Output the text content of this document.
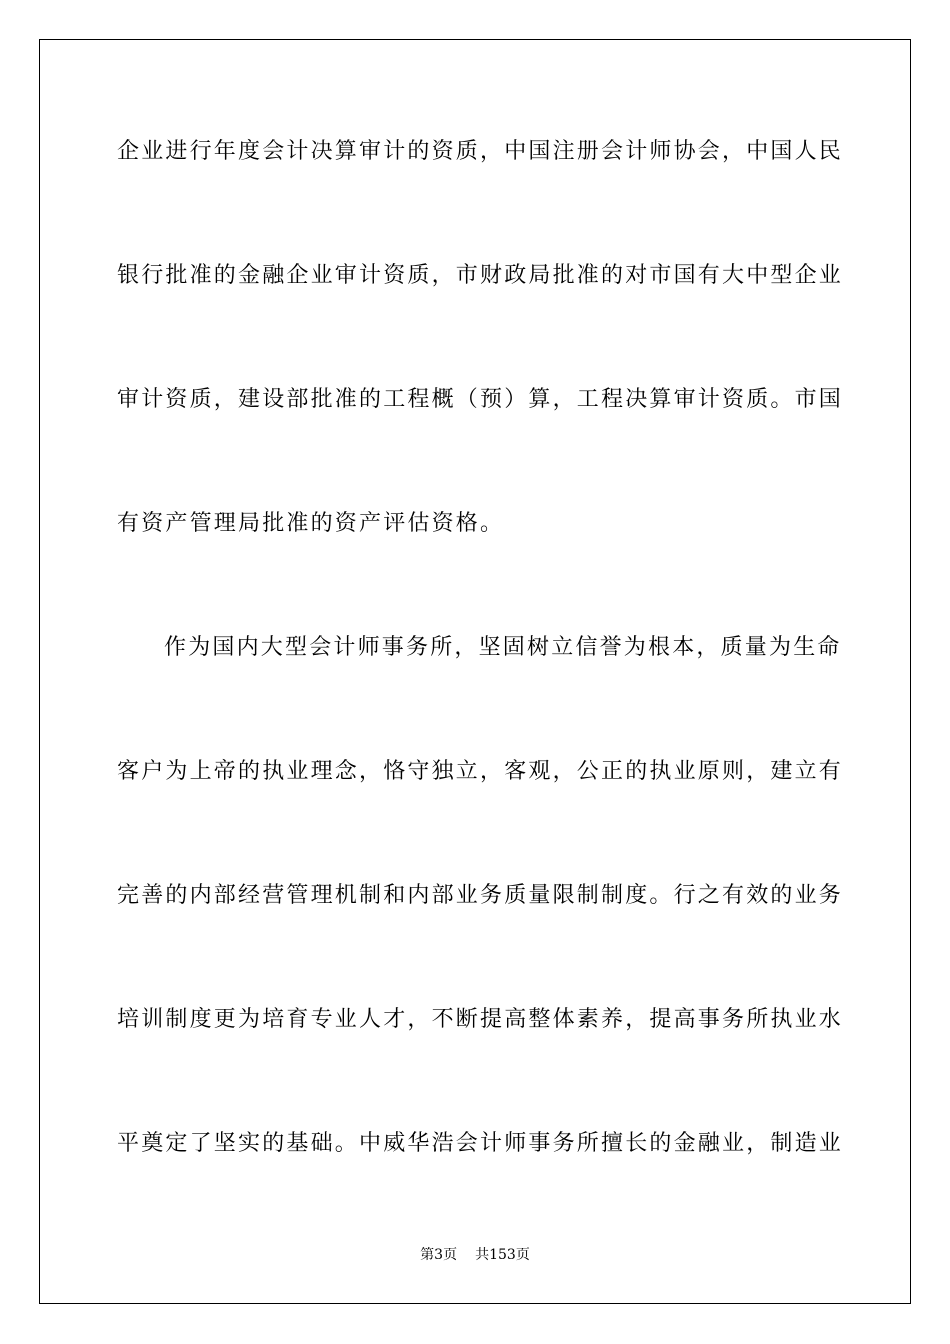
企业进行年度会计决算审计的资质，中国注册会计师协会，中国人民
银行批准的金融企业审计资质，市财政局批准的对市国有大中型企业
审计资质，建设部批准的工程概（预）算，工程决算审计资质。市国
有资产管理局批准的资产评估资格。
作为国内大型会计师事务所，坚固树立信誉为根本，质量为生命
客户为上帝的执业理念，恪守独立，客观，公正的执业原则，建立有
完善的内部经营管理机制和内部业务质量限制制度。行之有效的业务
培训制度更为培育专业人才，不断提高整体素养，提高事务所执业水
平奠定了坚实的基础。中威华浩会计师事务所擅长的金融业，制造业
第3页 共153页
